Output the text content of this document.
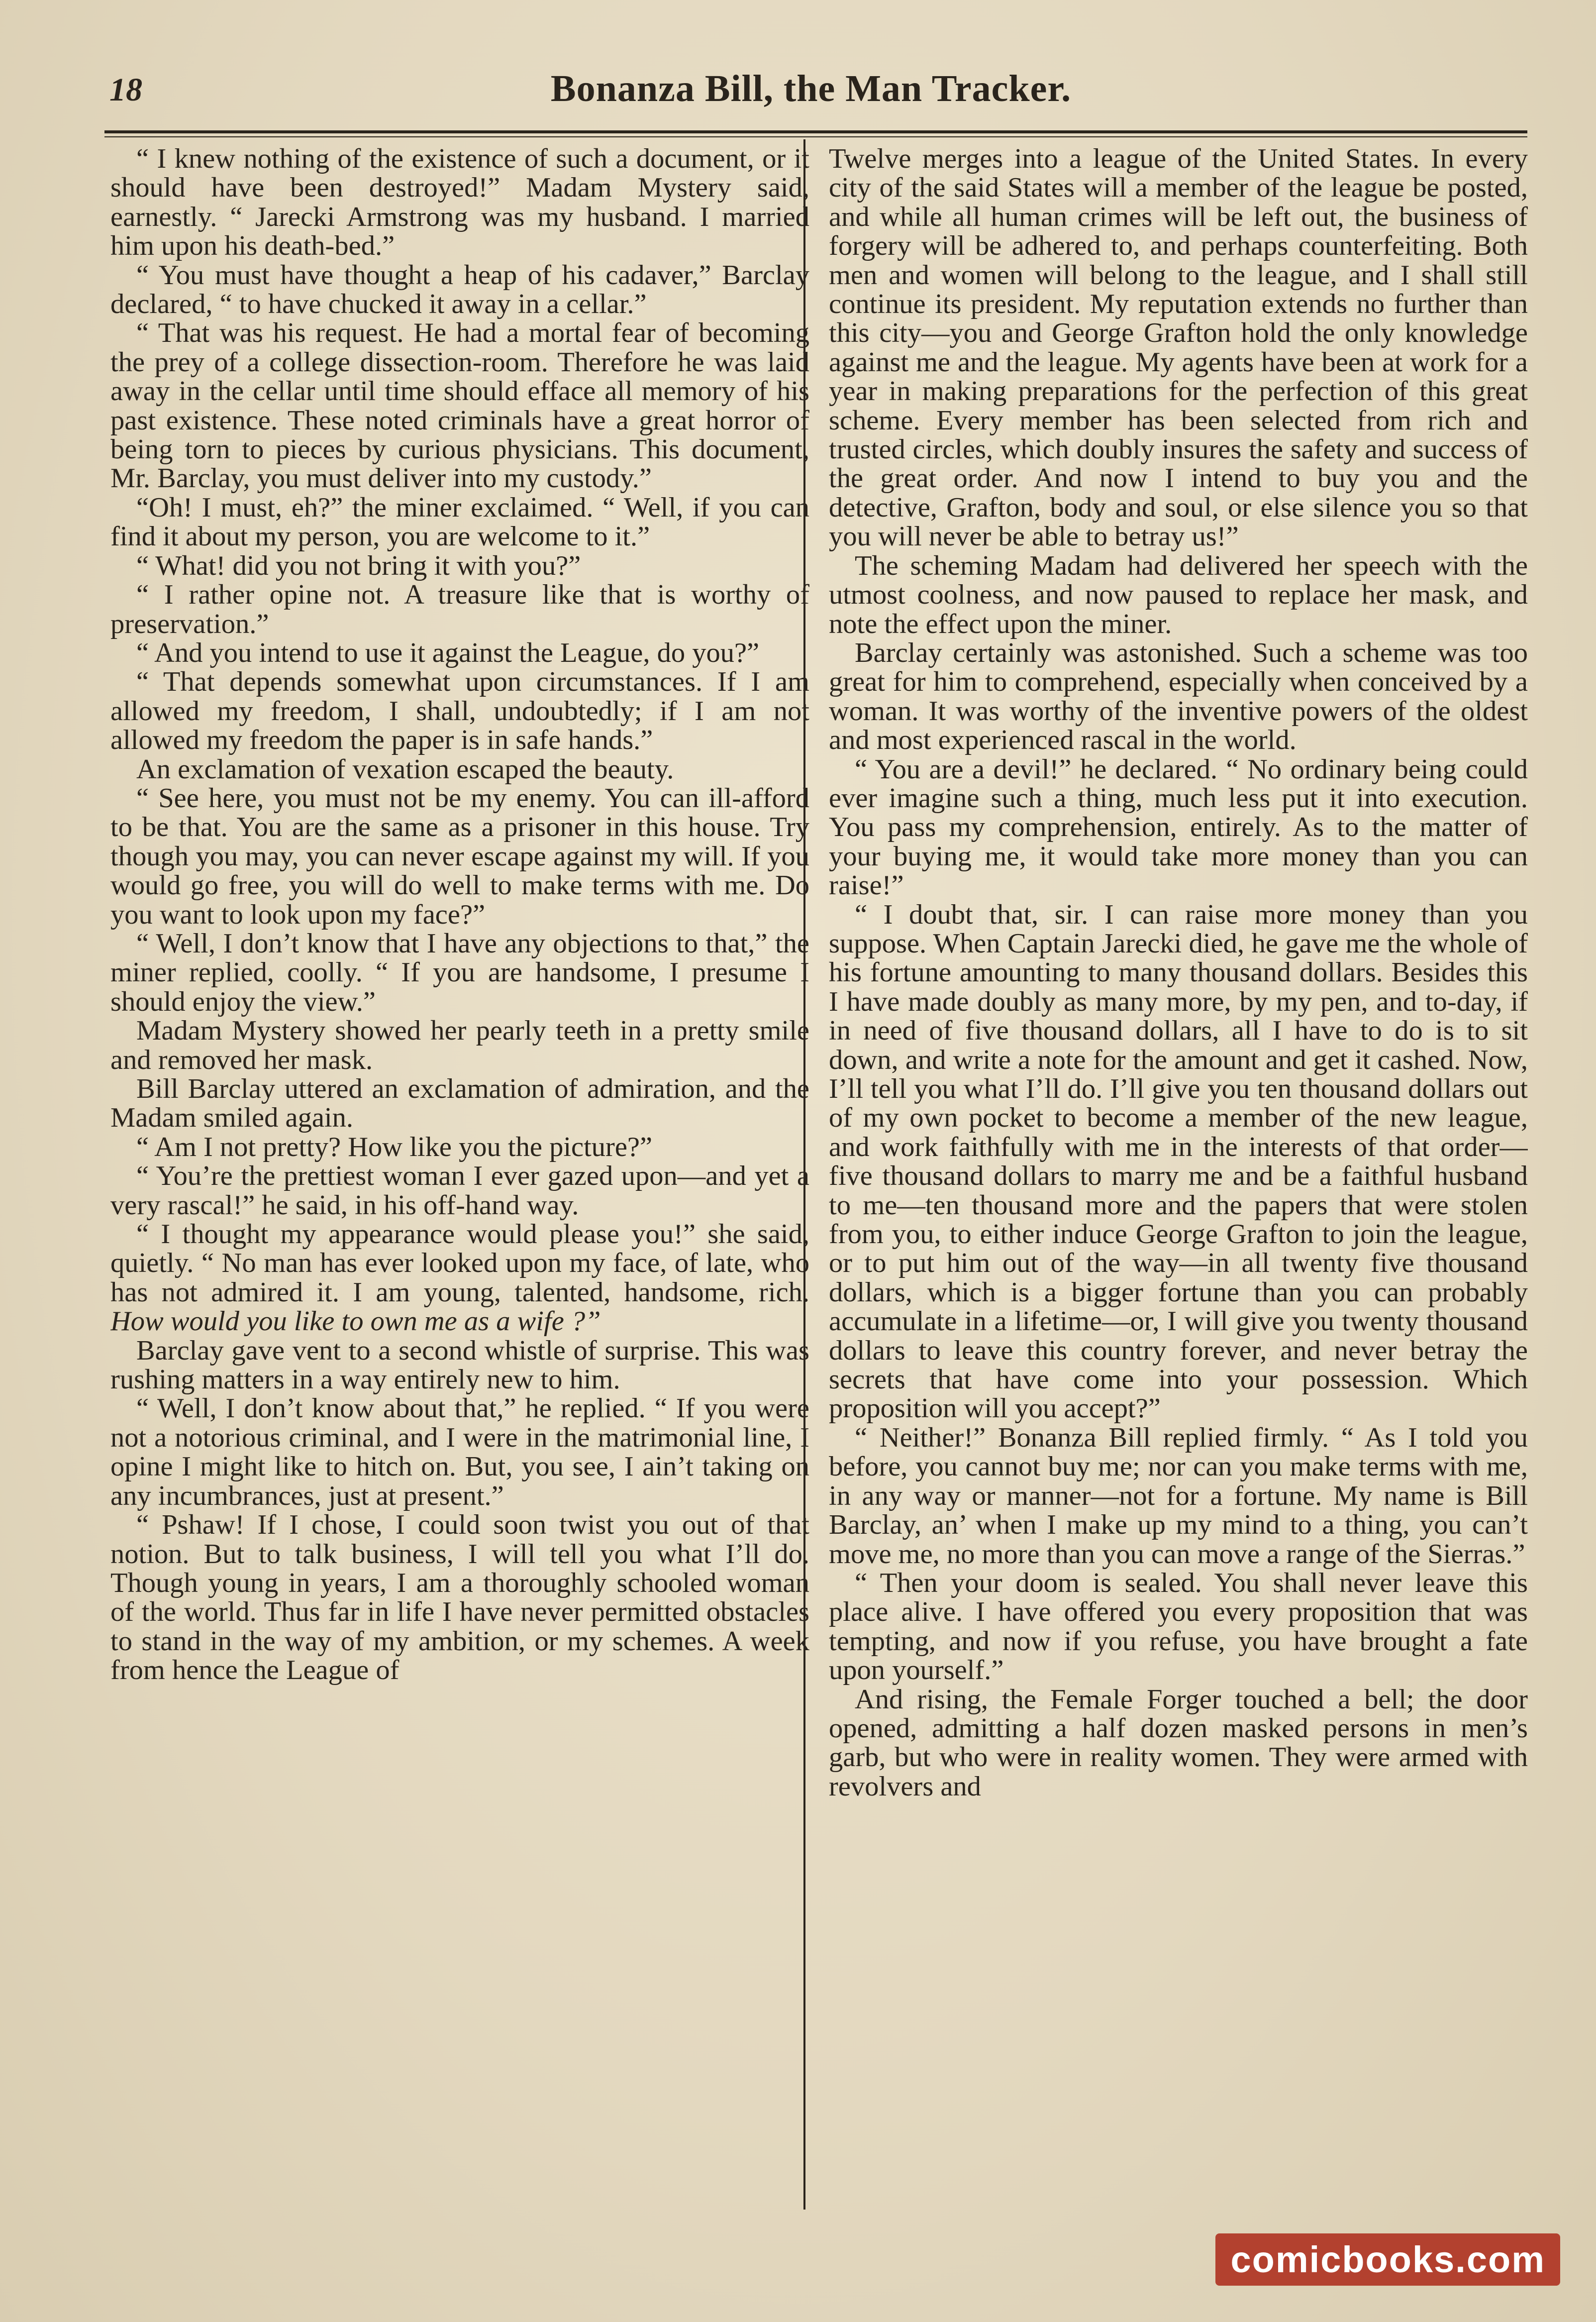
18	Bonanza Bill, the Man Tracker.

“ I knew nothing of the existence of such a document, or it should have been destroyed!” Madam Mystery said, earnestly. “ Jarecki Armstrong was my husband. I married him upon his death-bed.”

“ You must have thought a heap of his cadaver,” Barclay declared, “ to have chucked it away in a cellar.”

“ That was his request. He had a mortal fear of becoming the prey of a college dissection-room. Therefore he was laid away in the cellar until time should efface all memory of his past existence. These noted criminals have a great horror of being torn to pieces by curious physicians. This document, Mr. Barclay, you must deliver into my custody.”

“Oh! I must, eh?” the miner exclaimed. “ Well, if you can find it about my person, you are welcome to it.”

“ What! did you not bring it with you?”

“ I rather opine not. A treasure like that is worthy of preservation.”

“ And you intend to use it against the League, do you?”

“ That depends somewhat upon circumstances. If I am allowed my freedom, I shall, undoubtedly; if I am not allowed my freedom the paper is in safe hands.”

An exclamation of vexation escaped the beauty.

“ See here, you must not be my enemy. You can ill-afford to be that. You are the same as a prisoner in this house. Try though you may, you can never escape against my will. If you would go free, you will do well to make terms with me. Do you want to look upon my face?”

“ Well, I don’t know that I have any objections to that,” the miner replied, coolly. “ If you are handsome, I presume I should enjoy the view.”

Madam Mystery showed her pearly teeth in a pretty smile and removed her mask.

Bill Barclay uttered an exclamation of admiration, and the Madam smiled again.

“ Am I not pretty? How like you the picture?”

“ You’re the prettiest woman I ever gazed upon—and yet a very rascal!” he said, in his off-hand way.

“ I thought my appearance would please you!” she said, quietly. “ No man has ever looked upon my face, of late, who has not admired it. I am young, talented, handsome, rich. How would you like to own me as a wife ?”

Barclay gave vent to a second whistle of surprise. This was rushing matters in a way entirely new to him.

“ Well, I don’t know about that,” he replied. “ If you were not a notorious criminal, and I were in the matrimonial line, I opine I might like to hitch on. But, you see, I ain’t taking on any incumbrances, just at present.”

“ Pshaw! If I chose, I could soon twist you out of that notion. But to talk business, I will tell you what I’ll do. Though young in years, I am a thoroughly schooled woman of the world. Thus far in life I have never permitted obstacles to stand in the way of my ambition, or my schemes. A week from hence the League of

Twelve merges into a league of the United States. In every city of the said States will a member of the league be posted, and while all human crimes will be left out, the business of forgery will be adhered to, and perhaps counterfeiting. Both men and women will belong to the league, and I shall still continue its president. My reputation extends no further than this city—you and George Grafton hold the only knowledge against me and the league. My agents have been at work for a year in making preparations for the perfection of this great scheme. Every member has been selected from rich and trusted circles, which doubly insures the safety and success of the great order. And now I intend to buy you and the detective, Grafton, body and soul, or else silence you so that you will never be able to betray us!”

The scheming Madam had delivered her speech with the utmost coolness, and now paused to replace her mask, and note the effect upon the miner.

Barclay certainly was astonished. Such a scheme was too great for him to comprehend, especially when conceived by a woman. It was worthy of the inventive powers of the oldest and most experienced rascal in the world.

“ You are a devil!” he declared. “ No ordinary being could ever imagine such a thing, much less put it into execution. You pass my comprehension, entirely. As to the matter of your buying me, it would take more money than you can raise!”

“ I doubt that, sir. I can raise more money than you suppose. When Captain Jarecki died, he gave me the whole of his fortune amounting to many thousand dollars. Besides this I have made doubly as many more, by my pen, and to-day, if in need of five thousand dollars, all I have to do is to sit down, and write a note for the amount and get it cashed. Now, I’ll tell you what I’ll do. I’ll give you ten thousand dollars out of my own pocket to become a member of the new league, and work faithfully with me in the interests of that order—five thousand dollars to marry me and be a faithful husband to me—ten thousand more and the papers that were stolen from you, to either induce George Grafton to join the league, or to put him out of the way—in all twenty five thousand dollars, which is a bigger fortune than you can probably accumulate in a lifetime—or, I will give you twenty thousand dollars to leave this country forever, and never betray the secrets that have come into your possession. Which proposition will you accept?”

“ Neither!” Bonanza Bill replied firmly. “ As I told you before, you cannot buy me; nor can you make terms with me, in any way or manner—not for a fortune. My name is Bill Barclay, an’ when I make up my mind to a thing, you can’t move me, no more than you can move a range of the Sierras.”

“ Then your doom is sealed. You shall never leave this place alive. I have offered you every proposition that was tempting, and now if you refuse, you have brought a fate upon yourself.”

And rising, the Female Forger touched a bell; the door opened, admitting a half dozen masked persons in men’s garb, but who were in reality women. They were armed with revolvers and

comicbooks.com
